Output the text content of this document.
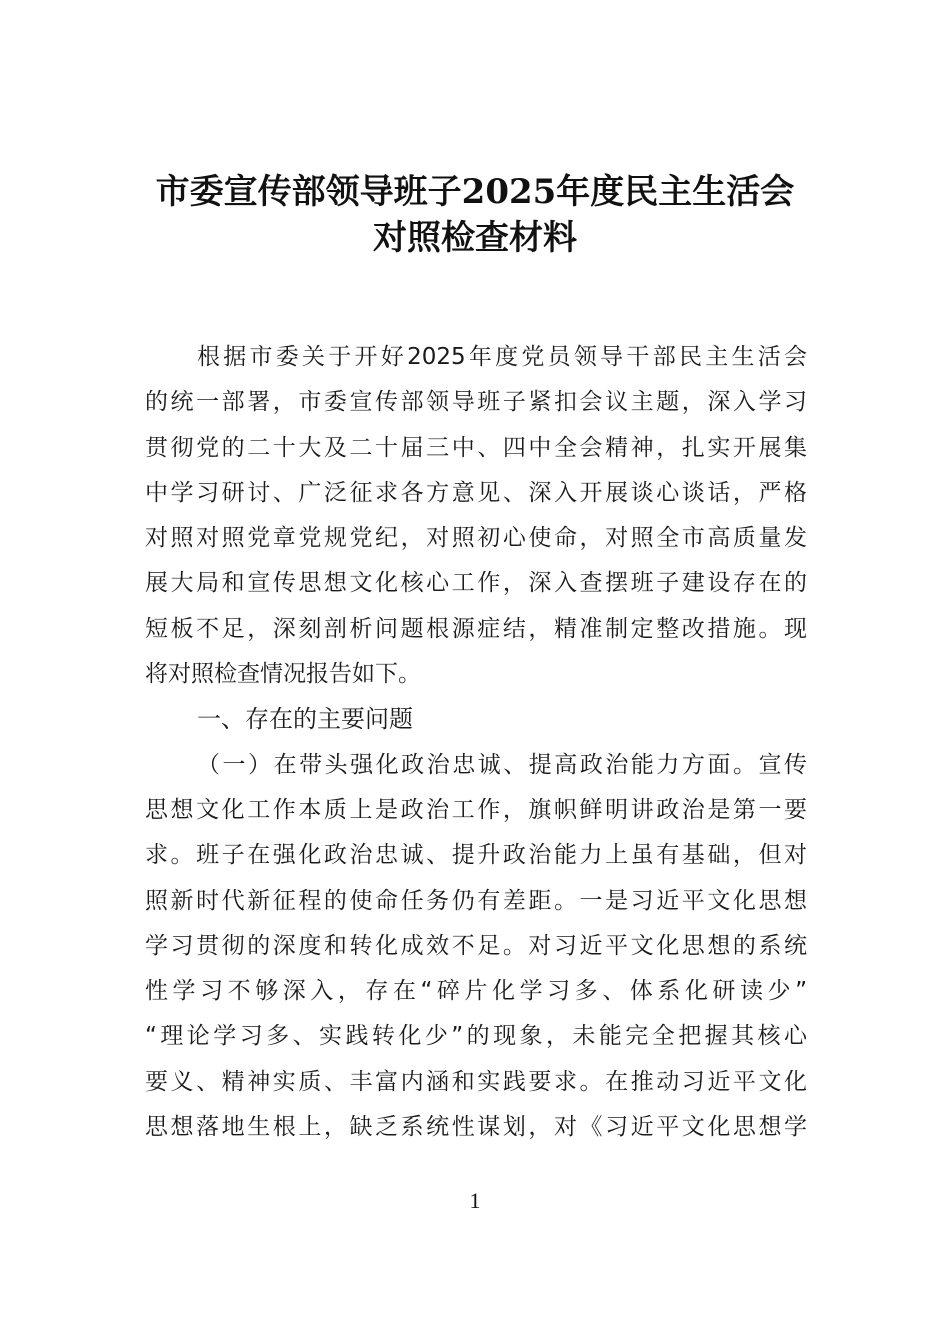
市委宣传部领导班子2025年度民主生活会
对照检查材料
根据市委关于开好2025年度党员领导干部民主生活会
的统一部署，市委宣传部领导班子紧扣会议主题，深入学习
贯彻党的二十大及二十届三中、四中全会精神，扎实开展集
中学习研讨、广泛征求各方意见、深入开展谈心谈话，严格
对照对照党章党规党纪，对照初心使命，对照全市高质量发
展大局和宣传思想文化核心工作，深入查摆班子建设存在的
短板不足，深刻剖析问题根源症结，精准制定整改措施。现
将对照检查情况报告如下。
一、存在的主要问题
（一）在带头强化政治忠诚、提高政治能力方面。宣传
思想文化工作本质上是政治工作，旗帜鲜明讲政治是第一要
求。班子在强化政治忠诚、提升政治能力上虽有基础，但对
照新时代新征程的使命任务仍有差距。一是习近平文化思想
学习贯彻的深度和转化成效不足。对习近平文化思想的系统
性学习不够深入，存在“碎片化学习多、体系化研读少”
“理论学习多、实践转化少”的现象，未能完全把握其核心
要义、精神实质、丰富内涵和实践要求。在推动习近平文化
思想落地生根上，缺乏系统性谋划，对《习近平文化思想学
1
